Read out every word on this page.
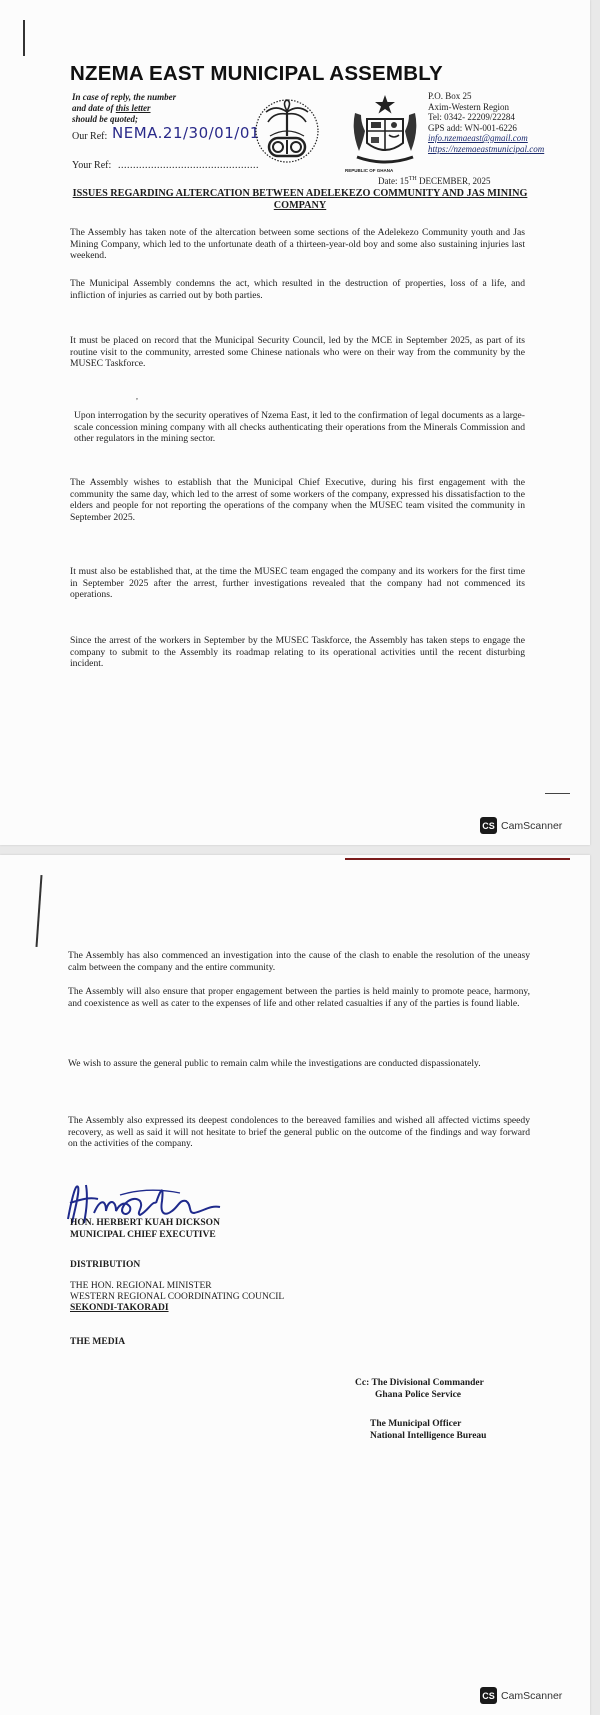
NZEMA EAST MUNICIPAL ASSEMBLY
In case of reply, the number
and date of this letter
should be quoted;
Our Ref: NEMA.21/30/01/01
Your Ref: ...............................................	REPUBLIC OF GHANA
P.O. Box 25
Axim-Western Region
Tel: 0342- 22209/22284
GPS add: WN-001-6226
info.nzemaeast@gmail.com
https://nzemaeastmunicipal.com
Date: 15TH DECEMBER, 2025
ISSUES REGARDING ALTERCATION BETWEEN ADELEKEZO COMMUNITY AND JAS MINING COMPANY
The Assembly has taken note of the altercation between some sections of the Adelekezo Community youth and Jas Mining Company, which led to the unfortunate death of a thirteen-year-old boy and some also sustaining injuries last weekend.
The Municipal Assembly condemns the act, which resulted in the destruction of properties, loss of a life, and infliction of injuries as carried out by both parties.
It must be placed on record that the Municipal Security Council, led by the MCE in September 2025, as part of its routine visit to the community, arrested some Chinese nationals who were on their way from the community by the MUSEC Taskforce.
,
Upon interrogation by the security operatives of Nzema East, it led to the confirmation of legal documents as a large-scale concession mining company with all checks authenticating their operations from the Minerals Commission and other regulators in the mining sector.
The Assembly wishes to establish that the Municipal Chief Executive, during his first engagement with the community the same day, which led to the arrest of some workers of the company, expressed his dissatisfaction to the elders and people for not reporting the operations of the company when the MUSEC team visited the community in September 2025.
It must also be established that, at the time the MUSEC team engaged the company and its workers for the first time in September 2025 after the arrest, further investigations revealed that the company had not commenced its operations.
Since the arrest of the workers in September by the MUSEC Taskforce, the Assembly has taken steps to engage the company to submit to the Assembly its roadmap relating to its operational activities until the recent disturbing incident.
CS CamScanner
The Assembly has also commenced an investigation into the cause of the clash to enable the resolution of the uneasy calm between the company and the entire community.
The Assembly will also ensure that proper engagement between the parties is held mainly to promote peace, harmony, and coexistence as well as cater to the expenses of life and other related casualties if any of the parties is found liable.
We wish to assure the general public to remain calm while the investigations are conducted dispassionately.
The Assembly also expressed its deepest condolences to the bereaved families and wished all affected victims speedy recovery, as well as said it will not hesitate to brief the general public on the outcome of the findings and way forward on the activities of the company.
HON. HERBERT KUAH DICKSON
MUNICIPAL CHIEF EXECUTIVE
DISTRIBUTION
THE HON. REGIONAL MINISTER
WESTERN REGIONAL COORDINATING COUNCIL
SEKONDI-TAKORADI
THE MEDIA
Cc: The Divisional Commander
Ghana Police Service
The Municipal Officer
National Intelligence Bureau
CS CamScanner
